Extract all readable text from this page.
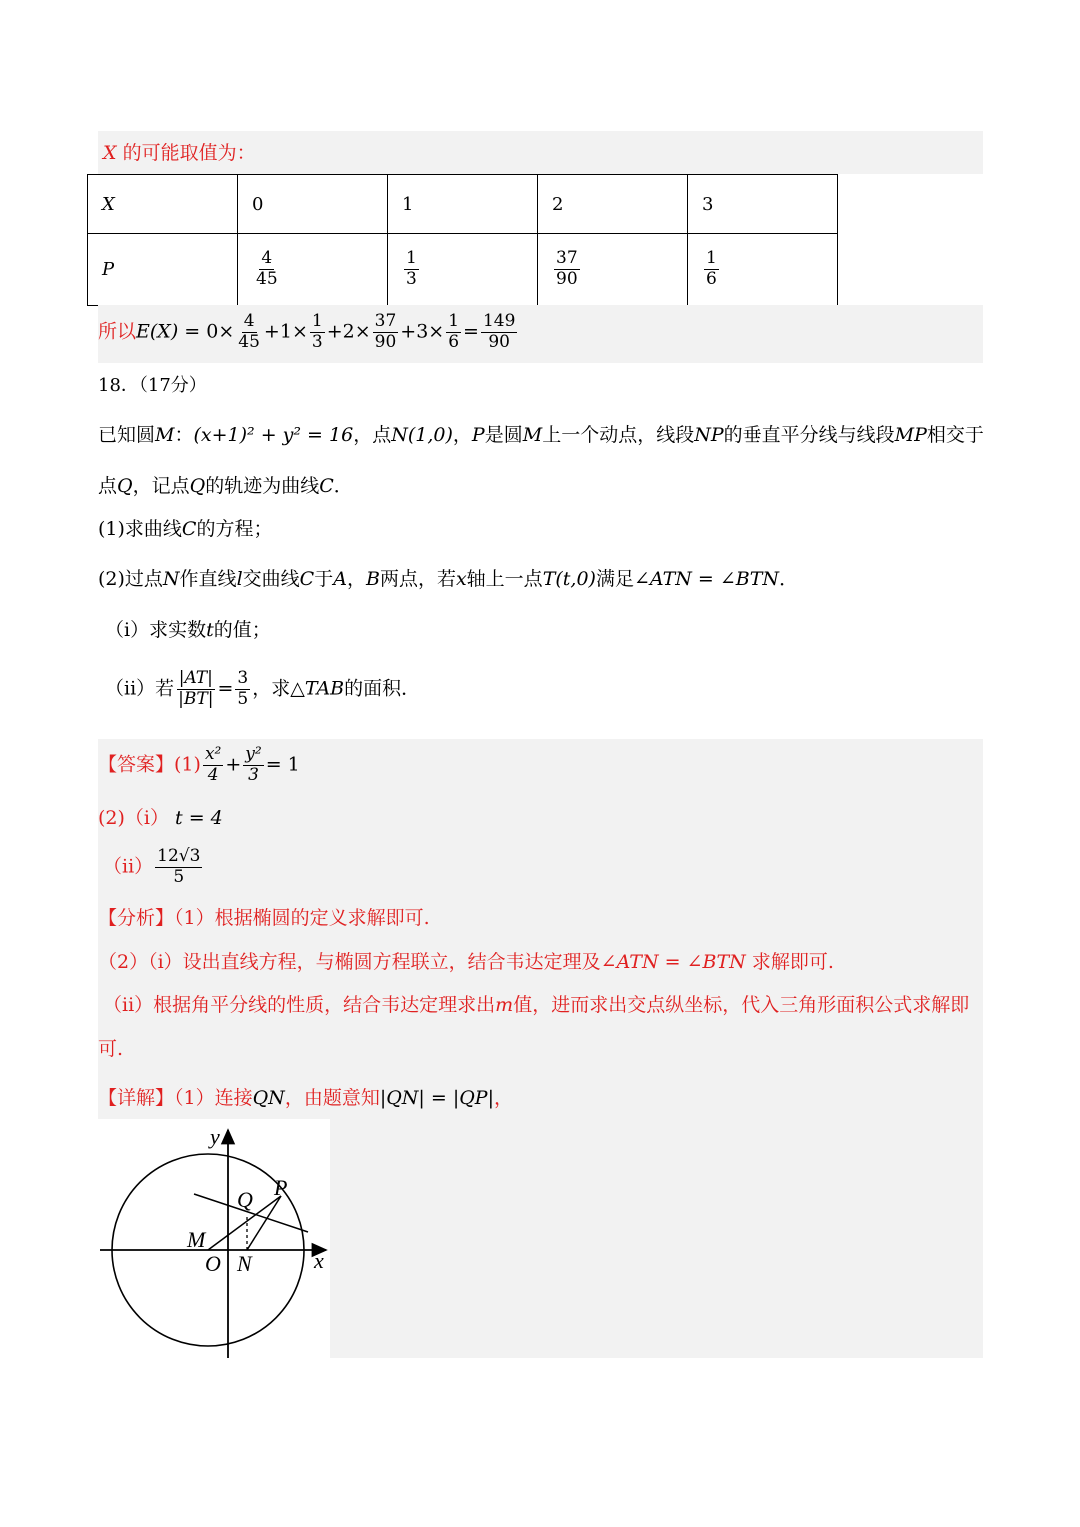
X 的可能取值为：
X	0	1	2	3
P	$\frac{4}{45}$	$\frac{1}{3}$	$\frac{37}{90}$	$\frac{1}{6}$
所以$E(X) = 0\times \frac{4}{45} +1\times \frac{1}{3} +2\times \frac{37}{90} +3\times \frac{1}{6} = \frac{149}{90}$
18．（17分）
已知圆M：(x+1)² + y² = 16，点N(1,0)，P是圆M上一个动点，线段NP的垂直平分线与线段MP相交于
点Q，记点Q的轨迹为曲线C．
(1)求曲线C的方程；
(2)过点N作直线l交曲线C于A，B两点，若x轴上一点T(t,0)满足∠ATN = ∠BTN．
（i）求实数t的值；
（ii）若 $\frac{|AT|}{|BT|} = \frac{3}{5}$ ，求△TAB的面积．
【答案】$(1) \frac{\text{x²}}{4} + \frac{\text{y²}}{3} = 1$
(2)（i） t = 4
$(ii) \frac{12√3}{5}$
【分析】（1）根据椭圆的定义求解即可.
（2）（i）设出直线方程，与椭圆方程联立，结合韦达定理及∠ATN = ∠BTN 求解即可.
（ii）根据角平分线的性质，结合韦达定理求出m值，进而求出交点纵坐标，代入三角形面积公式求解即
可.
【详解】（1）连接QN，由题意知|QN| = |QP|，
y
x
O
M
N
Q P
